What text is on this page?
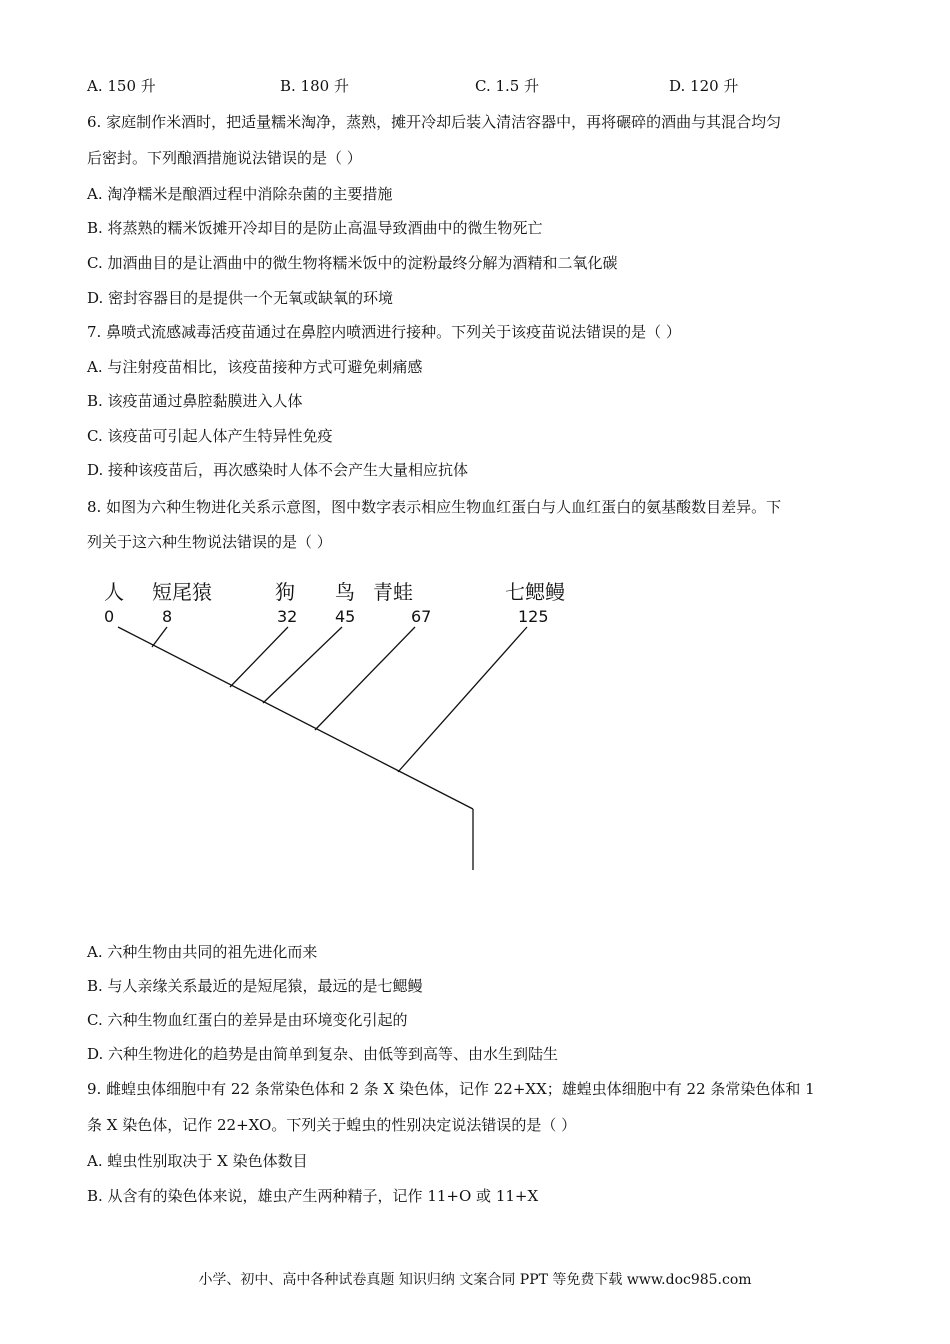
A. 150 升	B. 180 升	C. 1.5 升	D. 120 升
6. 家庭制作米酒时，把适量糯米淘净，蒸熟，摊开冷却后装入清洁容器中，再将碾碎的酒曲与其混合均匀
后密封。下列酿酒措施说法错误的是（ ）
A. 淘净糯米是酿酒过程中消除杂菌的主要措施
B. 将蒸熟的糯米饭摊开冷却目的是防止高温导致酒曲中的微生物死亡
C. 加酒曲目的是让酒曲中的微生物将糯米饭中的淀粉最终分解为酒精和二氧化碳
D. 密封容器目的是提供一个无氧或缺氧的环境
7. 鼻喷式流感减毒活疫苗通过在鼻腔内喷洒进行接种。下列关于该疫苗说法错误的是（ ）
A. 与注射疫苗相比，该疫苗接种方式可避免刺痛感
B. 该疫苗通过鼻腔黏膜进入人体
C. 该疫苗可引起人体产生特异性免疫
D. 接种该疫苗后，再次感染时人体不会产生大量相应抗体
8. 如图为六种生物进化关系示意图，图中数字表示相应生物血红蛋白与人血红蛋白的氨基酸数目差异。下
列关于这六种生物说法错误的是（ ）
人 短尾猿	狗 鸟 青蛙	七鳃鳗
0	8	32 45	67	125
A. 六种生物由共同的祖先进化而来
B. 与人亲缘关系最近的是短尾猿，最远的是七鳃鳗
C. 六种生物血红蛋白的差异是由环境变化引起的
D. 六种生物进化的趋势是由简单到复杂、由低等到高等、由水生到陆生
9. 雌蝗虫体细胞中有 22 条常染色体和 2 条 X 染色体，记作 22+XX；雄蝗虫体细胞中有 22 条常染色体和 1
条 X 染色体，记作 22+XO。下列关于蝗虫的性别决定说法错误的是（ ）
A. 蝗虫性别取决于 X 染色体数目
B. 从含有的染色体来说，雄虫产生两种精子，记作 11+O 或 11+X
小学、初中、高中各种试卷真题 知识归纳 文案合同 PPT 等免费下载 www.doc985.com
